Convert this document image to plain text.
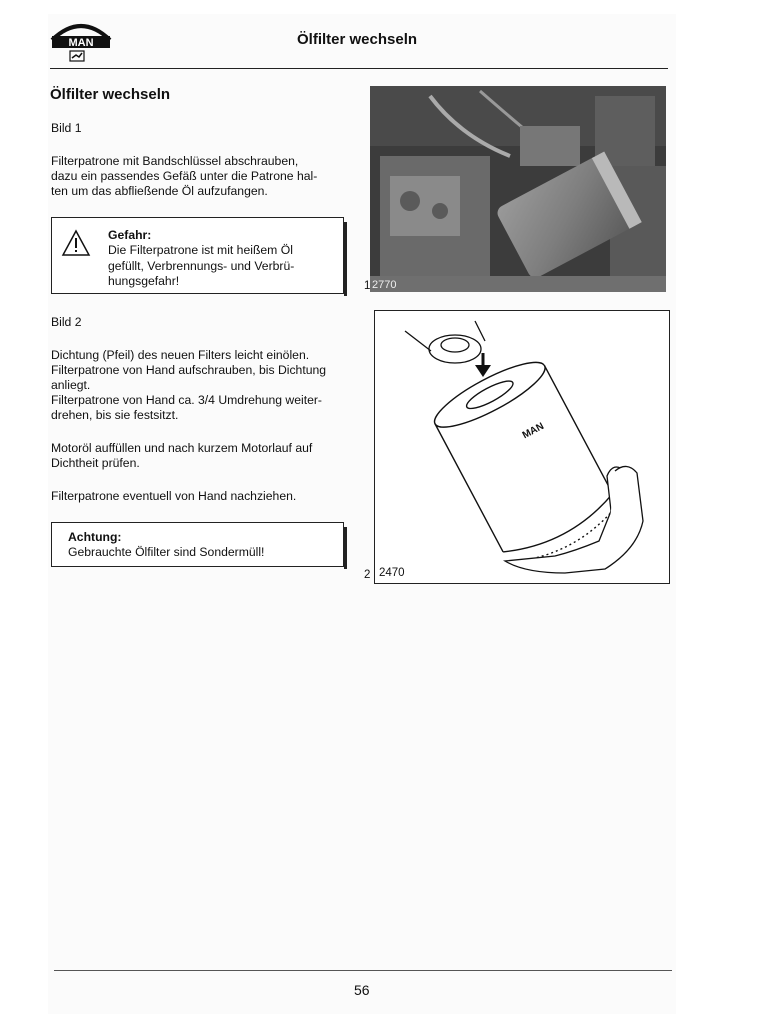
MAN	Ölfilter wechseln
Ölfilter wechseln
Bild 1
Filterpatrone mit Bandschlüssel abschrauben,
dazu ein passendes Gefäß unter die Patrone hal-
ten um das abfließende Öl aufzufangen.
Gefahr:
Die Filterpatrone ist mit heißem Öl
gefüllt, Verbrennungs- und Verbrü-
hungsgefahr!
Bild 2
Dichtung (Pfeil) des neuen Filters leicht einölen.
Filterpatrone von Hand aufschrauben, bis Dichtung
anliegt.
Filterpatrone von Hand ca. 3/4 Umdrehung weiter-
drehen, bis sie festsitzt.
Motoröl auffüllen und nach kurzem Motorlauf auf
Dichtheit prüfen.
Filterpatrone eventuell von Hand nachziehen.
Achtung:
Gebrauchte Ölfilter sind Sondermüll!
2770
1
MAN
2470
2
56
